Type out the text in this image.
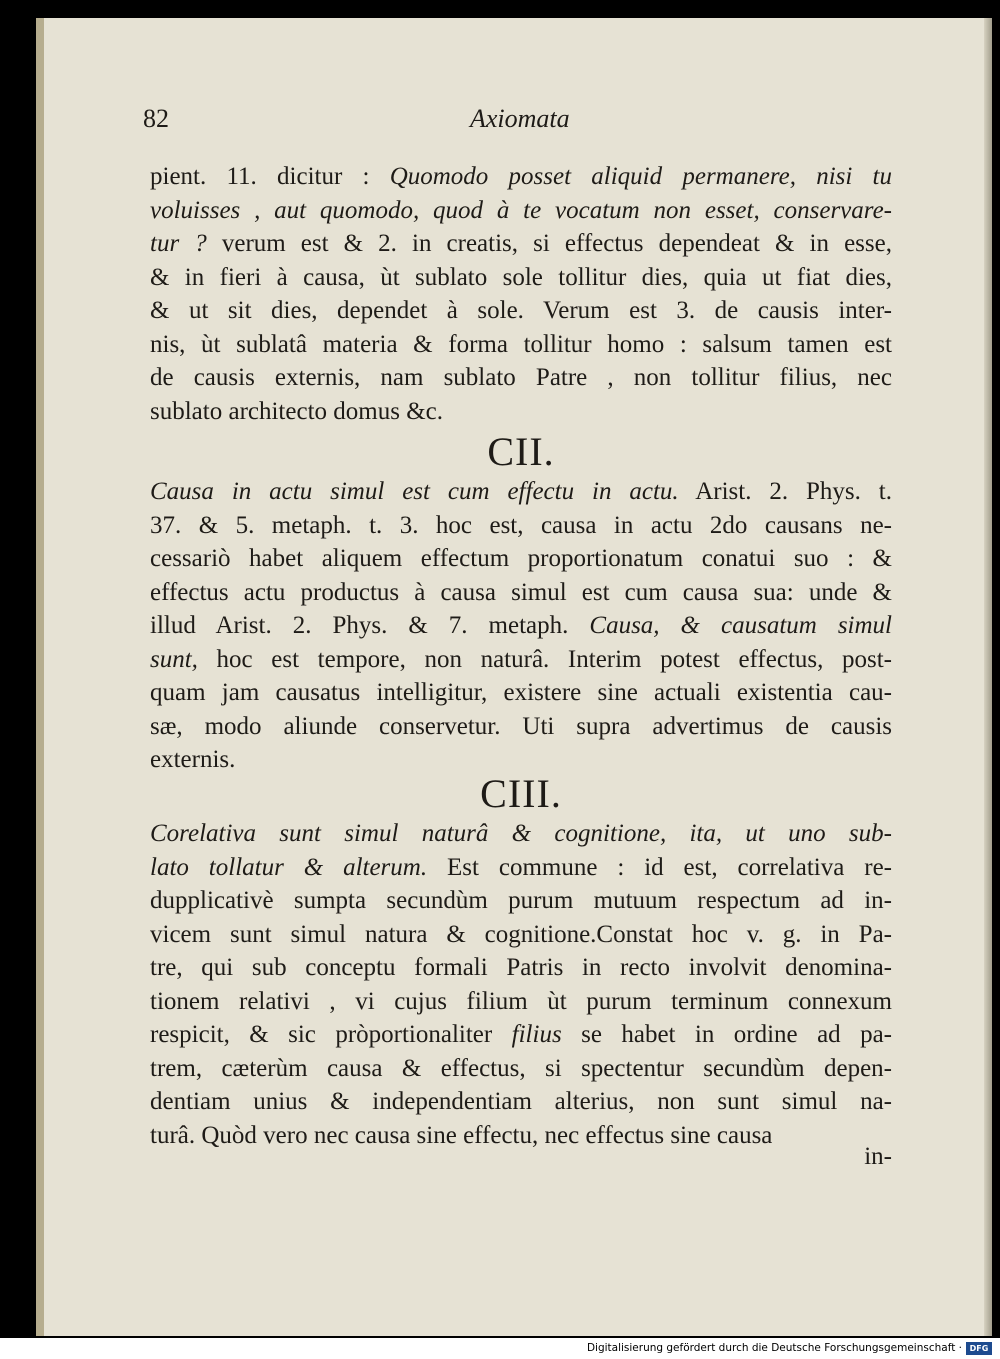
82	Axiomata
pient. 11. dicitur : Quomodo posset aliquid permanere, nisi tu
voluisses , aut quomodo, quod à te vocatum non esset, conservare-
tur ? verum est & 2. in creatis, si effectus dependeat & in esse,
& in fieri à causa, ùt sublato sole tollitur dies, quia ut fiat dies,
& ut sit dies, dependet à sole. Verum est 3. de causis inter-
nis, ùt sublatâ materia & forma tollitur homo : salsum tamen est
de causis externis, nam sublato Patre , non tollitur filius, nec
sublato architecto domus &c.
CII.
Causa in actu simul est cum effectu in actu. Arist. 2. Phys. t.
37. & 5. metaph. t. 3. hoc est, causa in actu 2do causans ne-
cessariò habet aliquem effectum proportionatum conatui suo : &
effectus actu productus à causa simul est cum causa sua: unde &
illud Arist. 2. Phys. & 7. metaph. Causa, & causatum simul
sunt, hoc est tempore, non naturâ. Interim potest effectus, post-
quam jam causatus intelligitur, existere sine actuali existentia cau-
sæ, modo aliunde conservetur. Uti supra advertimus de causis
externis.
CIII.
Corelativa sunt simul naturâ & cognitione, ita, ut uno sub-
lato tollatur & alterum. Est commune : id est, correlativa re-
dupplicativè sumpta secundùm purum mutuum respectum ad in-
vicem sunt simul natura & cognitione.Constat hoc v. g. in Pa-
tre, qui sub conceptu formali Patris in recto involvit denomina-
tionem relativi , vi cujus filium ùt purum terminum connexum
respicit, & sic pròportionaliter filius se habet in ordine ad pa-
trem, cæterùm causa & effectus, si spectentur secundùm depen-
dentiam unius & independentiam alterius, non sunt simul na-
turâ. Quòd vero nec causa sine effectu, nec effectus sine causa
in-
Digitalisierung gefördert durch die Deutsche Forschungsgemeinschaft · DFG
